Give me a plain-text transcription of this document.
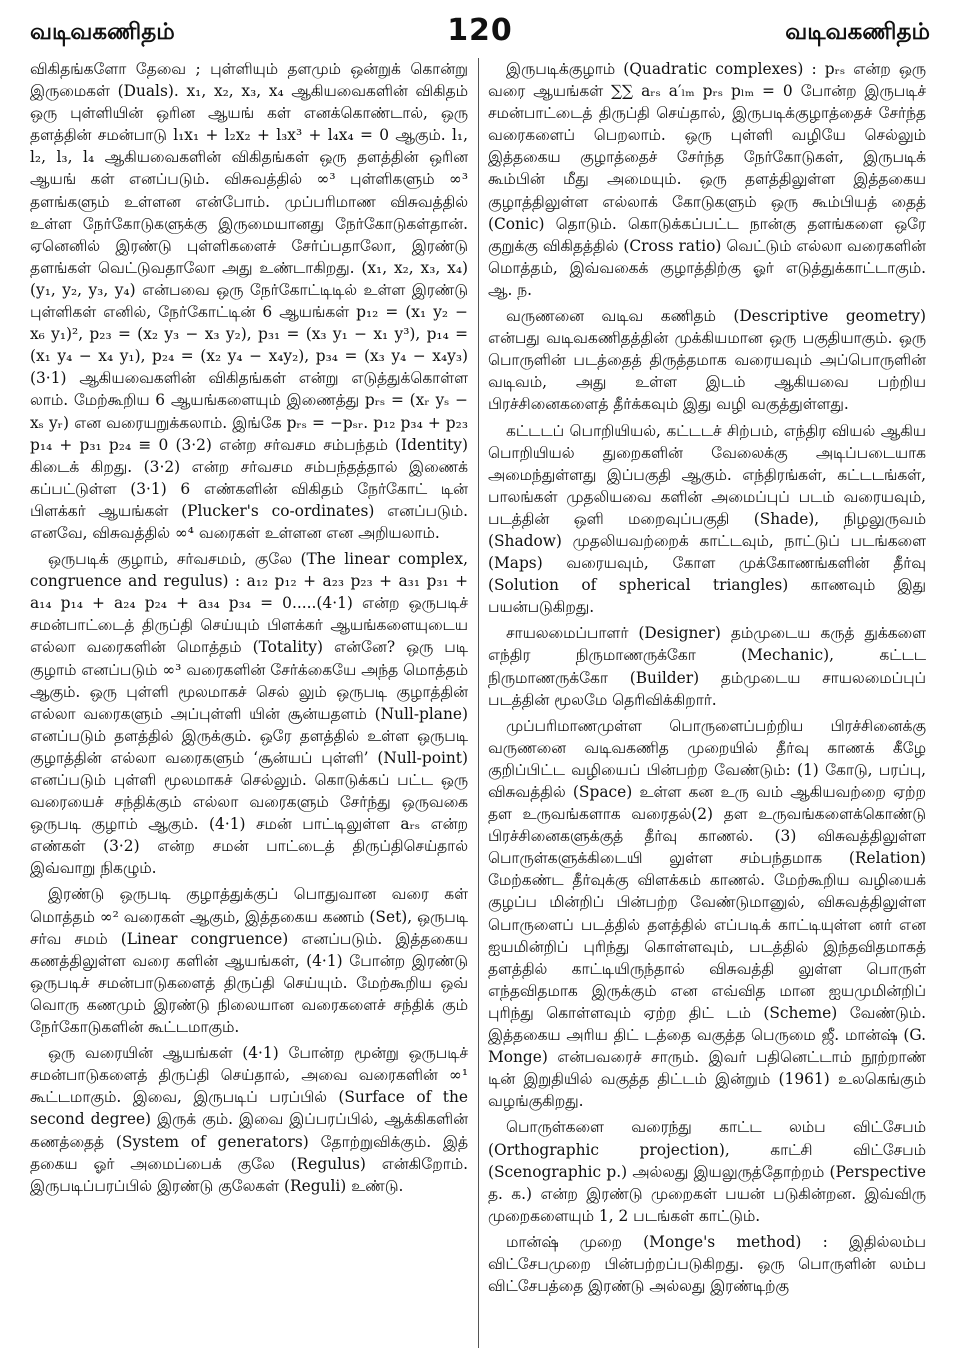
வடிவகணிதம்	120	வடிவகணிதம்

விகிதங்களோ தேவை ; புள்ளியும் தளமும் ஒன்றுக் கொன்று இருமைகள் (Duals). x₁, x₂, x₃, x₄ ஆகியவைகளின் விகிதம் ஒரு புள்ளியின் ஒரின ஆயங் கள் எனக்கொண்டால், ஒரு தளத்தின் சமன்பாடு l₁x₁ + l₂x₂ + l₃x³ + l₄x₄ = 0 ஆகும். l₁, l₂, l₃, l₄ ஆகியவைகளின் விகிதங்கள் ஒரு தளத்தின் ஒரின ஆயங் கள் எனப்படும். விசுவத்தில் ∞³ புள்ளிகளும் ∞³ தளங்களும் உள்ளன என்போம். முப்பரிமாண விசுவத்தில் உள்ள நேர்கோடுகளுக்கு இருமையானது நேர்கோடுகள்தான். ஏனெனில் இரண்டு புள்ளிகளைச் சேர்ப்பதாலோ, இரண்டு தளங்கள் வெட்டுவதாலோ அது உண்டாகிறது. (x₁, x₂, x₃, x₄) (y₁, y₂, y₃, y₄) என்பவை ஒரு நேர்கோட்டிடில் உள்ள இரண்டு புள்ளிகள் எனில், நேர்கோட்டின் 6 ஆயங்கள் p₁₂ = (x₁ y₂ − x₆ y₁)², p₂₃ = (x₂ y₃ − x₃ y₂), p₃₁ = (x₃ y₁ − x₁ y³), p₁₄ = (x₁ y₄ − x₄ y₁), p₂₄ = (x₂ y₄ − x₄y₂), p₃₄ = (x₃ y₄ − x₄y₃) (3·1) ஆகியவைகளின் விகிதங்கள் என்று எடுத்துக்கொள்ள லாம். மேற்கூறிய 6 ஆயங்களையும் இணைத்து pᵣₛ = (xᵣ yₛ − xₛ yᵣ) என வரையறுக்கலாம். இங்கே pᵣₛ = −pₛᵣ. p₁₂ p₃₄ + p₂₃ p₁₄ + p₃₁ p₂₄ ≡ 0 (3·2) என்ற சர்வசம சம்பந்தம் (Identity) கிடைக் கிறது. (3·2) என்ற சர்வசம சம்பந்தத்தால் இணைக் கப்பட்டுள்ள (3·1) 6 எண்களின் விகிதம் நேர்கோட் டின் பிளக்கர் ஆயங்கள் (Plucker's co-ordinates) எனப்படும். எனவே, விசுவத்தில் ∞⁴ வரைகள் உள்ளன என அறியலாம்.

ஒருபடிக் குழாம், சர்வசமம், குலே (The linear complex, congruence and regulus) : a₁₂ p₁₂ + a₂₃ p₂₃ + a₃₁ p₃₁ + a₁₄ p₁₄ + a₂₄ p₂₄ + a₃₄ p₃₄ = 0.....(4·1) என்ற ஒருபடிச் சமன்பாட்டைத் திருப்தி செய்யும் பிளக்கர் ஆயங்களையுடைய எல்லா வரைகளின் மொத்தம் (Totality) என்னே? ஒரு படி குழாம் எனப்படும் ∞³ வரைகளின் சேர்க்கையே அந்த மொத்தம் ஆகும். ஒரு புள்ளி மூலமாகச் செல் லும் ஒருபடி குழாத்தின் எல்லா வரைகளும் அப்புள்ளி யின் சூன்யதளம் (Null-plane) எனப்படும் தளத்தில் இருக்கும். ஒரே தளத்தில் உள்ள ஒருபடி குழாத்தின் எல்லா வரைகளும் ‘சூன்யப் புள்ளி’ (Null-point) எனப்படும் புள்ளி மூலமாகச் செல்லும். கொடுக்கப் பட்ட ஒரு வரையைச் சந்திக்கும் எல்லா வரைகளும் சேர்ந்து ஒருவகை ஒருபடி குழாம் ஆகும். (4·1) சமன் பாட்டிலுள்ள aᵣₛ என்ற எண்கள் (3·2) என்ற சமன் பாட்டைத் திருப்திசெய்தால் இவ்வாறு நிகழும்.

இரண்டு ஒருபடி குழாத்துக்குப் பொதுவான வரை கள் மொத்தம் ∞² வரைகள் ஆகும், இத்தகைய கணம் (Set), ஒருபடி சர்வ சமம் (Linear congruence) எனப்படும். இத்தகைய கணத்திலுள்ள வரை களின் ஆயங்கள், (4·1) போன்ற இரண்டு ஒருபடிச் சமன்பாடுகளைத் திருப்தி செய்யும். மேற்கூறிய ஒவ் வொரு கணமும் இரண்டு நிலையான வரைகளைச் சந்திக் கும் நேர்கோடுகளின் கூட்டமாகும்.

ஒரு வரையின் ஆயங்கள் (4·1) போன்ற மூன்று ஒருபடிச் சமன்பாடுகளைத் திருப்தி செய்தால், அவை வரைகளின் ∞¹ கூட்டமாகும். இவை, இருபடிப் பரப்பில் (Surface of the second degree) இருக் கும். இவை இப்பரப்பில், ஆக்கிகளின் கணத்தைத் (System of generators) தோற்றுவிக்கும். இத் தகைய ஓர் அமைப்பைக் குலே (Regulus) என்கிறோம். இருபடிப்பரப்பில் இரண்டு குலேகள் (Reguli) உண்டு.

இருபடிக்குழாம் (Quadratic complexes) : pᵣₛ என்ற ஒரு வரை ஆயங்கள் ∑∑ aᵣₛ a′ₗₘ pᵣₛ pₗₘ = 0 போன்ற இருபடிச் சமன்பாட்டைத் திருப்தி செய்தால், இருபடிக்குழாத்தைச் சேர்ந்த வரைகளைப் பெறலாம். ஒரு புள்ளி வழியே செல்லும் இத்தகைய குழாத்தைச் சேர்ந்த நேர்கோடுகள், இருபடிக் கூம்பின் மீது அமையும். ஒரு தளத்திலுள்ள இத்தகைய குழாத்திலுள்ள எல்லாக் கோடுகளும் ஒரு கூம்பியத் தைத் (Conic) தொடும். கொடுக்கப்பட்ட நான்கு தளங்களை ஒரே குறுக்கு விகிதத்தில் (Cross ratio) வெட்டும் எல்லா வரைகளின் மொத்தம், இவ்வகைக் குழாத்திற்கு ஓர் எடுத்துக்காட்டாகும். ஆ. ந.

வருணனை வடிவ கணிதம் (Descriptive geometry) என்பது வடிவகணிதத்தின் முக்கியமான ஒரு பகுதியாகும். ஒரு பொருளின் படத்தைத் திருத்தமாக வரையவும் அப்பொருளின் வடிவம், அது உள்ள இடம் ஆகியவை பற்றிய பிரச்சினைகளைத் தீர்க்கவும் இது வழி வகுத்துள்ளது.

கட்டடப் பொறியியல், கட்டடச் சிற்பம், எந்திர வியல் ஆகிய பொறியியல் துறைகளின் வேலைக்கு அடிப்படையாக அமைந்துள்ளது இப்பகுதி ஆகும். எந்திரங்கள், கட்டடங்கள், பாலங்கள் முதலியவை களின் அமைப்புப் படம் வரையவும், படத்தின் ஒளி மறைவுப்பகுதி (Shade), நிழலுருவம் (Shadow) முதலியவற்றைக் காட்டவும், நாட்டுப் படங்களை (Maps) வரையவும், கோள முக்கோணங்களின் தீர்வு (Solution of spherical triangles) காணவும் இது பயன்படுகிறது.

சாயலமைப்பாளர் (Designer) தம்முடைய கருத் துக்களை எந்திர நிருமாணருக்கோ (Mechanic), கட்டட நிருமாணருக்கோ (Builder) தம்முடைய சாயலமைப்புப் படத்தின் மூலமே தெரிவிக்கிறார்.

முப்பரிமாணமுள்ள பொருளைப்பற்றிய பிரச்சினைக்கு வருணனை வடிவகணித முறையில் தீர்வு காணக் கீழே குறிப்பிட்ட வழியைப் பின்பற்ற வேண்டும்: (1) கோடு, பரப்பு, விசுவத்தில் (Space) உள்ள கன உரு வம் ஆகியவற்றை ஏற்ற தள உருவங்களாக வரைதல்(2) தள உருவங்களைக்கொண்டு பிரச்சினைகளுக்குத் தீர்வு காணல். (3) விசுவத்திலுள்ள பொருள்களுக்கிடையி லுள்ள சம்பந்தமாக (Relation) மேற்கண்ட தீர்வுக்கு விளக்கம் காணல். மேற்கூறிய வழியைக் குழப்ப மின்றிப் பின்பற்ற வேண்டுமானுல், விசுவத்திலுள்ள பொருளைப் படத்தில் தளத்தில் எப்படிக் காட்டியுள்ள னர் என ஐயமின்றிப் புரிந்து கொள்ளவும், படத்தில் இந்தவிதமாகத் தளத்தில் காட்டியிருந்தால் விசுவத்தி லுள்ள பொருள் எந்தவிதமாக இருக்கும் என எவ்வித மான ஐயமுமின்றிப் புரிந்து கொள்ளவும் ஏற்ற திட் டம் (Scheme) வேண்டும். இத்தகைய அரிய திட் டத்தை வகுத்த பெருமை ஜீ. மான்ஷ் (G. Monge) என்பவரைச் சாரும். இவர் பதினெட்டாம் நூற்றாண் டின் இறுதியில் வகுத்த திட்டம் இன்றும் (1961) உலகெங்கும் வழங்குகிறது.

பொருள்களை வரைந்து காட்ட லம்ப விட்சேபம் (Orthographic projection), காட்சி விட்சேபம் (Scenographic p.) அல்லது இயலுருத்தோற்றம் (Perspective த. க.) என்ற இரண்டு முறைகள் பயன் படுகின்றன. இவ்விரு முறைகளையும் 1, 2 படங்கள் காட்டும்.

மான்ஷ் முறை (Monge's method) : இதில்லம்ப விட்சேபமுறை பின்பற்றப்படுகிறது. ஒரு பொருளின் லம்ப விட்சேபத்தை இரண்டு அல்லது இரண்டிற்கு
